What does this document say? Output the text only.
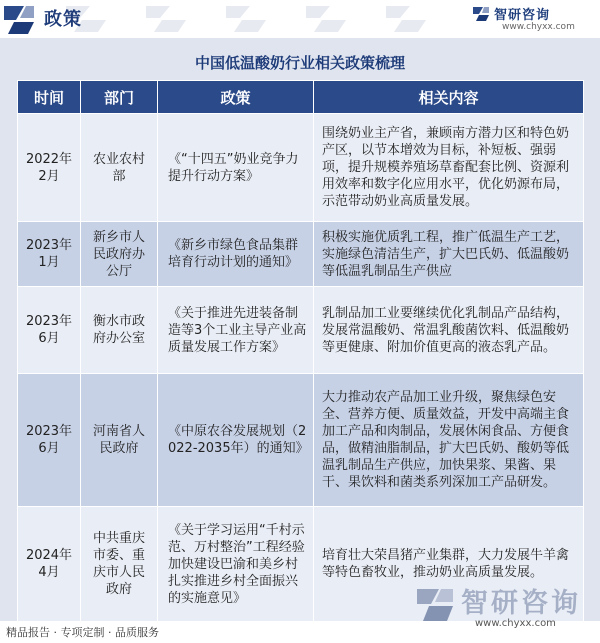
政策	智研咨询
www.chyxx.com
中国低温酸奶行业相关政策梳理
时间	部门	政策	相关内容
2022年2月	农业农村部	《“十四五”奶业竞争力提升行动方案》	围绕奶业主产省，兼顾南方潜力区和特色奶产区，以节本增效为目标，补短板、强弱项，提升规模养殖场草畜配套比例、资源利用效率和数字化应用水平，优化奶源布局，示范带动奶业高质量发展。
2023年1月	新乡市人民政府办公厅	《新乡市绿色食品集群培育行动计划的通知》	积极实施优质乳工程，推广低温生产工艺，实施绿色清洁生产，扩大巴氏奶、低温酸奶等低温乳制品生产供应
2023年6月	衡水市政府办公室	《关于推进先进装备制造等3个工业主导产业高质量发展工作方案》	乳制品加工业要继续优化乳制品产品结构，发展常温酸奶、常温乳酸菌饮料、低温酸奶等更健康、附加价值更高的液态乳产品。
2023年6月	河南省人民政府	《中原农谷发展规划（2022-2035年）的通知》	大力推动农产品加工业升级，聚焦绿色安全、营养方便、质量效益，开发中高端主食加工产品和肉制品，发展休闲食品、方便食品，做精油脂制品，扩大巴氏奶、酸奶等低温乳制品生产供应，加快果浆、果酱、果干、果饮料和菌类系列深加工产品研发。
2024年4月	中共重庆市委、重庆市人民政府	《关于学习运用“千村示范、万村整治”工程经验加快建设巴渝和美乡村扎实推进乡村全面振兴的实施意见》	培育壮大荣昌猪产业集群，大力发展牛羊禽等特色畜牧业，推动奶业高质量发展。
精品报告 · 专项定制 · 品质服务
智研咨询
www.chyxx.com
